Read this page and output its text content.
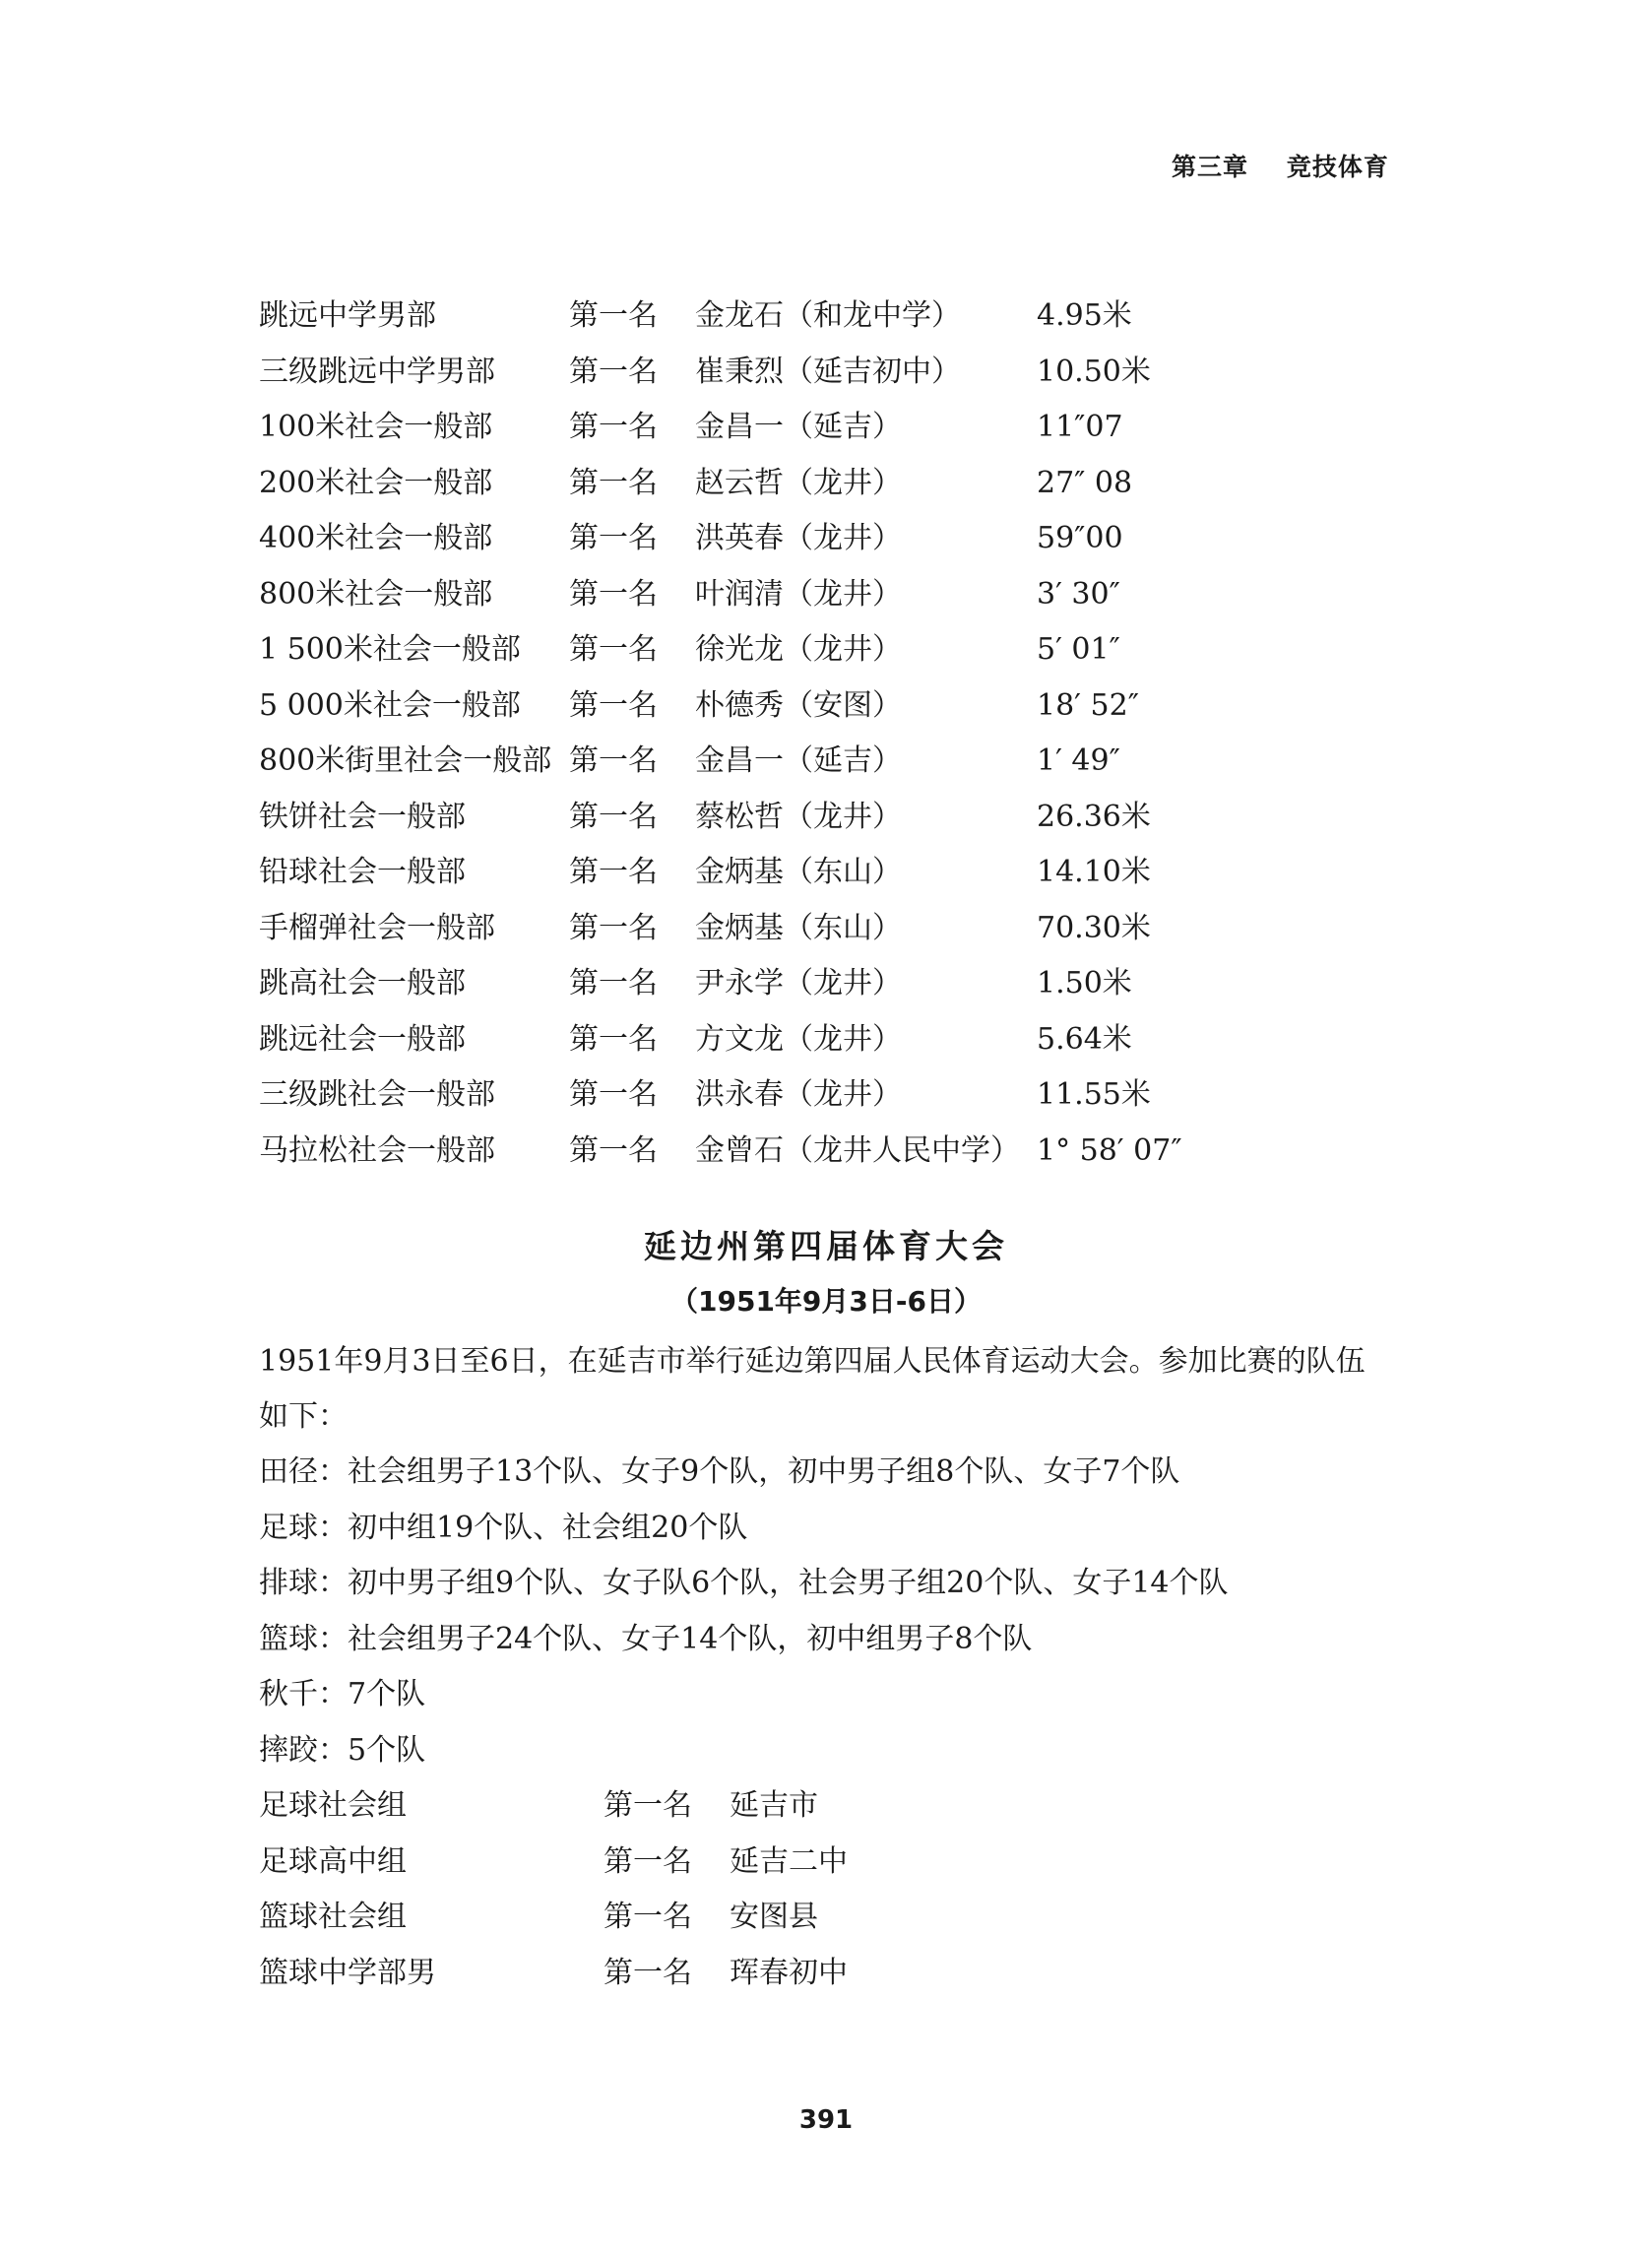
第三章 竞技体育
跳远中学男部	第一名 金龙石（和龙中学）	4.95米
三级跳远中学男部	第一名 崔秉烈（延吉初中）	10.50米
100米社会一般部	第一名 金昌一（延吉）	11″07
200米社会一般部	第一名 赵云哲（龙井）	27″ 08
400米社会一般部	第一名 洪英春（龙井）	59″00
800米社会一般部	第一名 叶润清（龙井）	3′ 30″
1 500米社会一般部 第一名 徐光龙（龙井）	5′ 01″
5 000米社会一般部 第一名 朴德秀（安图）	18′ 52″
800米街里社会一般部 第一名 金昌一（延吉）	1′ 49″
铁饼社会一般部	第一名 蔡松哲（龙井）	26.36米
铅球社会一般部	第一名 金炳基（东山）	14.10米
手榴弹社会一般部	第一名 金炳基（东山）	70.30米
跳高社会一般部	第一名 尹永学（龙井）	1.50米
跳远社会一般部	第一名 方文龙（龙井）	5.64米
三级跳社会一般部	第一名 洪永春（龙井）	11.55米
马拉松社会一般部	第一名 金曾石（龙井人民中学） 1° 58′ 07″
延边州第四届体育大会
（1951年9月3日-6日）

1951年9月3日至6日，在延吉市举行延边第四届人民体育运动大会。参加比赛的队伍如下：

田径：社会组男子13个队、女子9个队，初中男子组8个队、女子7个队
足球：初中组19个队、社会组20个队
排球：初中男子组9个队、女子队6个队，社会男子组20个队、女子14个队
篮球：社会组男子24个队、女子14个队，初中组男子8个队
秋千：7个队
摔跤：5个队
足球社会组	第一名 延吉市
足球高中组	第一名 延吉二中
篮球社会组	第一名 安图县
篮球中学部男	第一名 珲春初中
391
